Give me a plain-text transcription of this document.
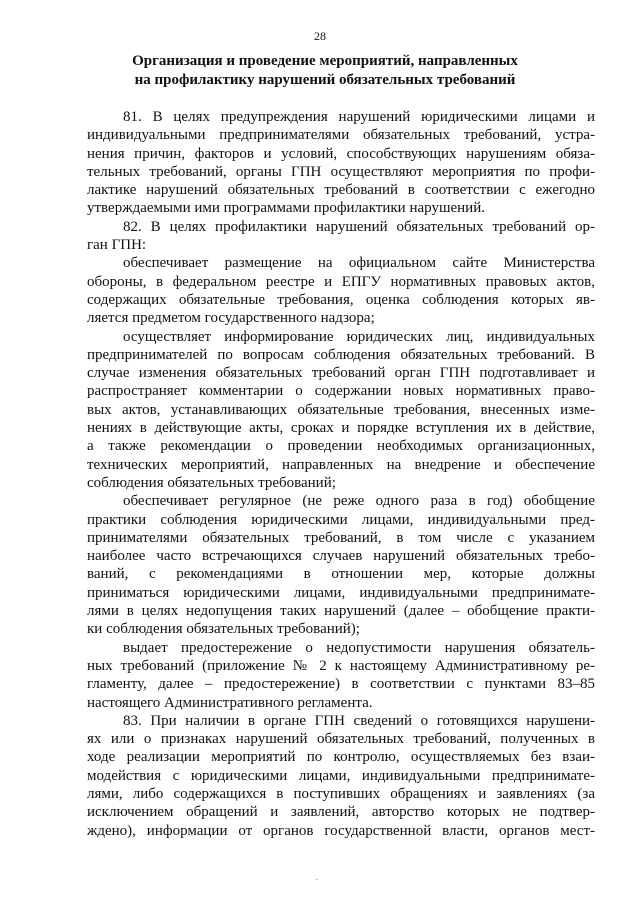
28
Организация и проведение мероприятий, направленных
на профилактику нарушений обязательных требований
81. В целях предупреждения нарушений юридическими лицами и
индивидуальными предпринимателями обязательных требований, устра-
нения причин, факторов и условий, способствующих нарушениям обяза-
тельных требований, органы ГПН осуществляют мероприятия по профи-
лактике нарушений обязательных требований в соответствии с ежегодно
утверждаемыми ими программами профилактики нарушений.
82. В целях профилактики нарушений обязательных требований ор-
ган ГПН:
обеспечивает размещение на официальном сайте Министерства
обороны, в федеральном реестре и ЕПГУ нормативных правовых актов,
содержащих обязательные требования, оценка соблюдения которых яв-
ляется предметом государственного надзора;
осуществляет информирование юридических лиц, индивидуальных
предпринимателей по вопросам соблюдения обязательных требований. В
случае изменения обязательных требований орган ГПН подготавливает и
распространяет комментарии о содержании новых нормативных право-
вых актов, устанавливающих обязательные требования, внесенных изме-
нениях в действующие акты, сроках и порядке вступления их в действие,
а также рекомендации о проведении необходимых организационных,
технических мероприятий, направленных на внедрение и обеспечение
соблюдения обязательных требований;
обеспечивает регулярное (не реже одного раза в год) обобщение
практики соблюдения юридическими лицами, индивидуальными пред-
принимателями обязательных требований, в том числе с указанием
наиболее часто встречающихся случаев нарушений обязательных требо-
ваний, с рекомендациями в отношении мер, которые должны
приниматься юридическими лицами, индивидуальными предпринимате-
лями в целях недопущения таких нарушений (далее – обобщение практи-
ки соблюдения обязательных требований);
выдает предостережение о недопустимости нарушения обязатель-
ных требований (приложение № 2 к настоящему Административному ре-
гламенту, далее – предостережение) в соответствии с пунктами 83–85
настоящего Административного регламента.
83. При наличии в органе ГПН сведений о готовящихся нарушени-
ях или о признаках нарушений обязательных требований, полученных в
ходе реализации мероприятий по контролю, осуществляемых без взаи-
модействия с юридическими лицами, индивидуальными предпринимате-
лями, либо содержащихся в поступивших обращениях и заявлениях (за
исключением обращений и заявлений, авторство которых не подтвер-
ждено), информации от органов государственной власти, органов мест-
·
